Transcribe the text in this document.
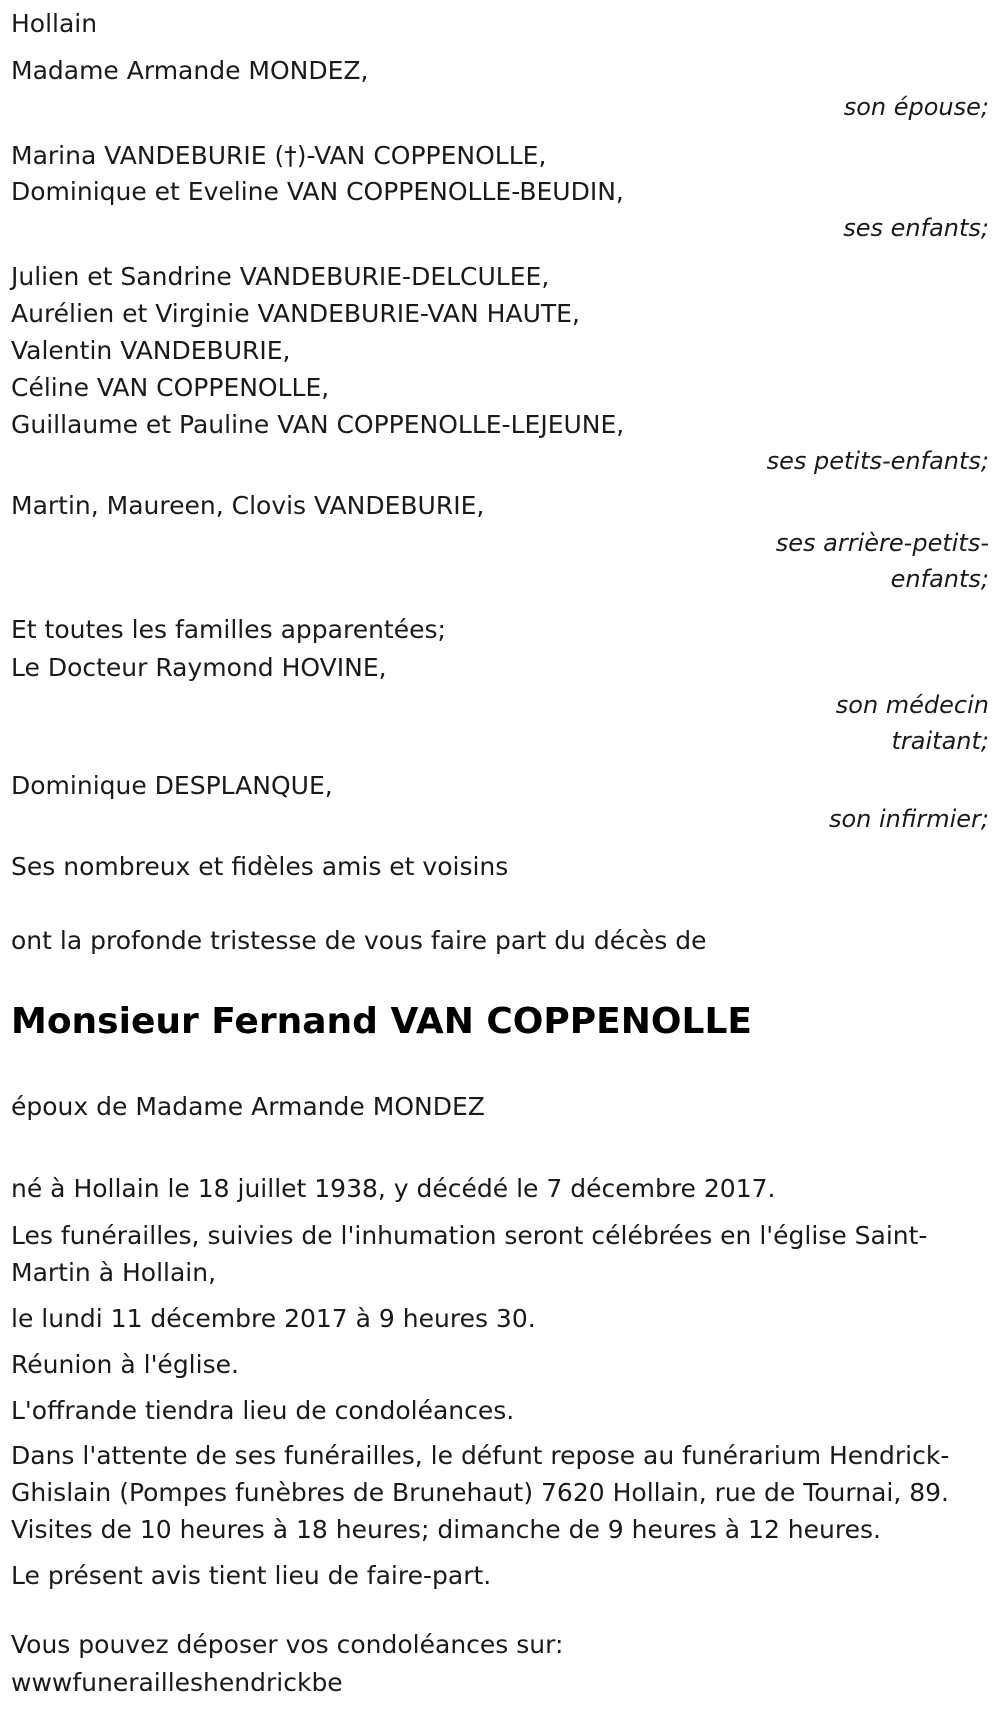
Hollain

Madame Armande MONDEZ,
son épouse;
Marina VANDEBURIE (†)-VAN COPPENOLLE,
Dominique et Eveline VAN COPPENOLLE-BEUDIN,
ses enfants;
Julien et Sandrine VANDEBURIE-DELCULEE,
Aurélien et Virginie VANDEBURIE-VAN HAUTE,
Valentin VANDEBURIE,
Céline VAN COPPENOLLE,
Guillaume et Pauline VAN COPPENOLLE-LEJEUNE,
ses petits-enfants;
Martin, Maureen, Clovis VANDEBURIE,
ses arrière-petits-enfants;
Et toutes les familles apparentées;
Le Docteur Raymond HOVINE,
son médecin traitant;
Dominique DESPLANQUE,
son infirmier;

Ses nombreux et fidèles amis et voisins

ont la profonde tristesse de vous faire part du décès de

Monsieur Fernand VAN COPPENOLLE

époux de Madame Armande MONDEZ

né à Hollain le 18 juillet 1938, y décédé le 7 décembre 2017.

Les funérailles, suivies de l'inhumation seront célébrées en l'église Saint-Martin à Hollain,

le lundi 11 décembre 2017 à 9 heures 30.

Réunion à l'église.

L'offrande tiendra lieu de condoléances.

Dans l'attente de ses funérailles, le défunt repose au funérarium Hendrick-Ghislain (Pompes funèbres de Brunehaut) 7620 Hollain, rue de Tournai, 89. Visites de 10 heures à 18 heures; dimanche de 9 heures à 12 heures.

Le présent avis tient lieu de faire-part.

Vous pouvez déposer vos condoléances sur:

wwwfunerailleshendrickbe
